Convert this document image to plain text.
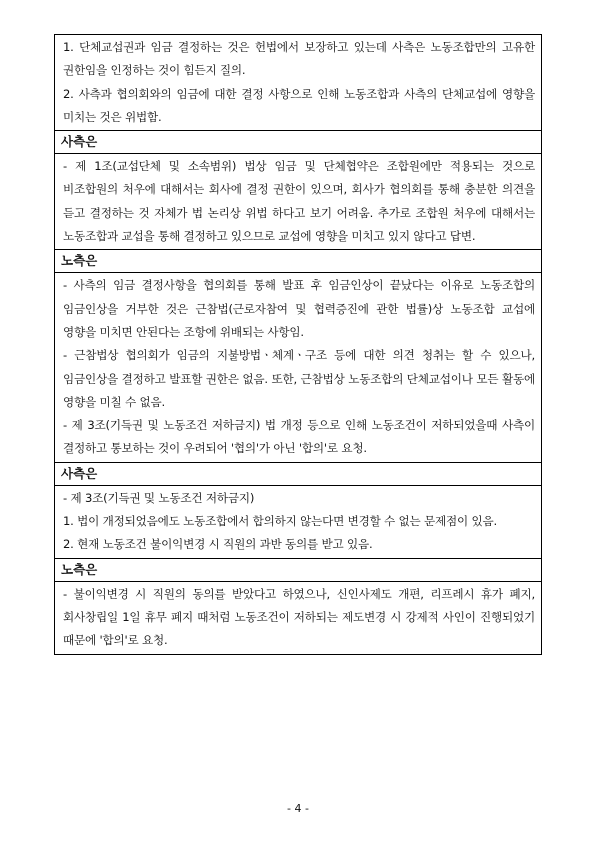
1. 단체교섭권과 임금 결정하는 것은 헌법에서 보장하고 있는데 사측은 노동조합만의 고유한 권한임을 인정하는 것이 힘든지 질의.

2. 사측과 협의회와의 임금에 대한 결정 사항으로 인해 노동조합과 사측의 단체교섭에 영향을 미치는 것은 위법함.

사측은

- 제 1조(교섭단체 및 소속범위) 법상 임금 및 단체협약은 조합원에만 적용되는 것으로 비조합원의 처우에 대해서는 회사에 결정 권한이 있으며, 회사가 협의회를 통해 충분한 의견을 듣고 결정하는 것 자체가 법 논리상 위법 하다고 보기 어려움. 추가로 조합원 처우에 대해서는 노동조합과 교섭을 통해 결정하고 있으므로 교섭에 영향을 미치고 있지 않다고 답변.

노측은

- 사측의 임금 결정사항을 협의회를 통해 발표 후 임금인상이 끝났다는 이유로 노동조합의 임금인상을 거부한 것은 근참법(근로자참여 및 협력증진에 관한 법률)상 노동조합 교섭에 영향을 미치면 안된다는 조항에 위배되는 사항임.

- 근참법상 협의회가 임금의 지불방법ㆍ체계ㆍ구조 등에 대한 의견 청취는 할 수 있으나, 임금인상을 결정하고 발표할 권한은 없음. 또한, 근참법상 노동조합의 단체교섭이나 모든 활동에 영향을 미칠 수 없음.

- 제 3조(기득권 및 노동조건 저하금지) 법 개정 등으로 인해 노동조건이 저하되었을때 사측이 결정하고 통보하는 것이 우려되어 '협의'가 아닌 '합의'로 요청.

사측은

- 제 3조(기득권 및 노동조건 저하금지)

1. 법이 개정되었음에도 노동조합에서 합의하지 않는다면 변경할 수 없는 문제점이 있음.

2. 현재 노동조건 불이익변경 시 직원의 과반 동의를 받고 있음.

노측은

- 불이익변경 시 직원의 동의를 받았다고 하였으나, 신인사제도 개편, 리프레시 휴가 폐지, 회사창립일 1일 휴무 폐지 때처럼 노동조건이 저하되는 제도변경 시 강제적 사인이 진행되었기 때문에 '합의'로 요청.

- 4 -
